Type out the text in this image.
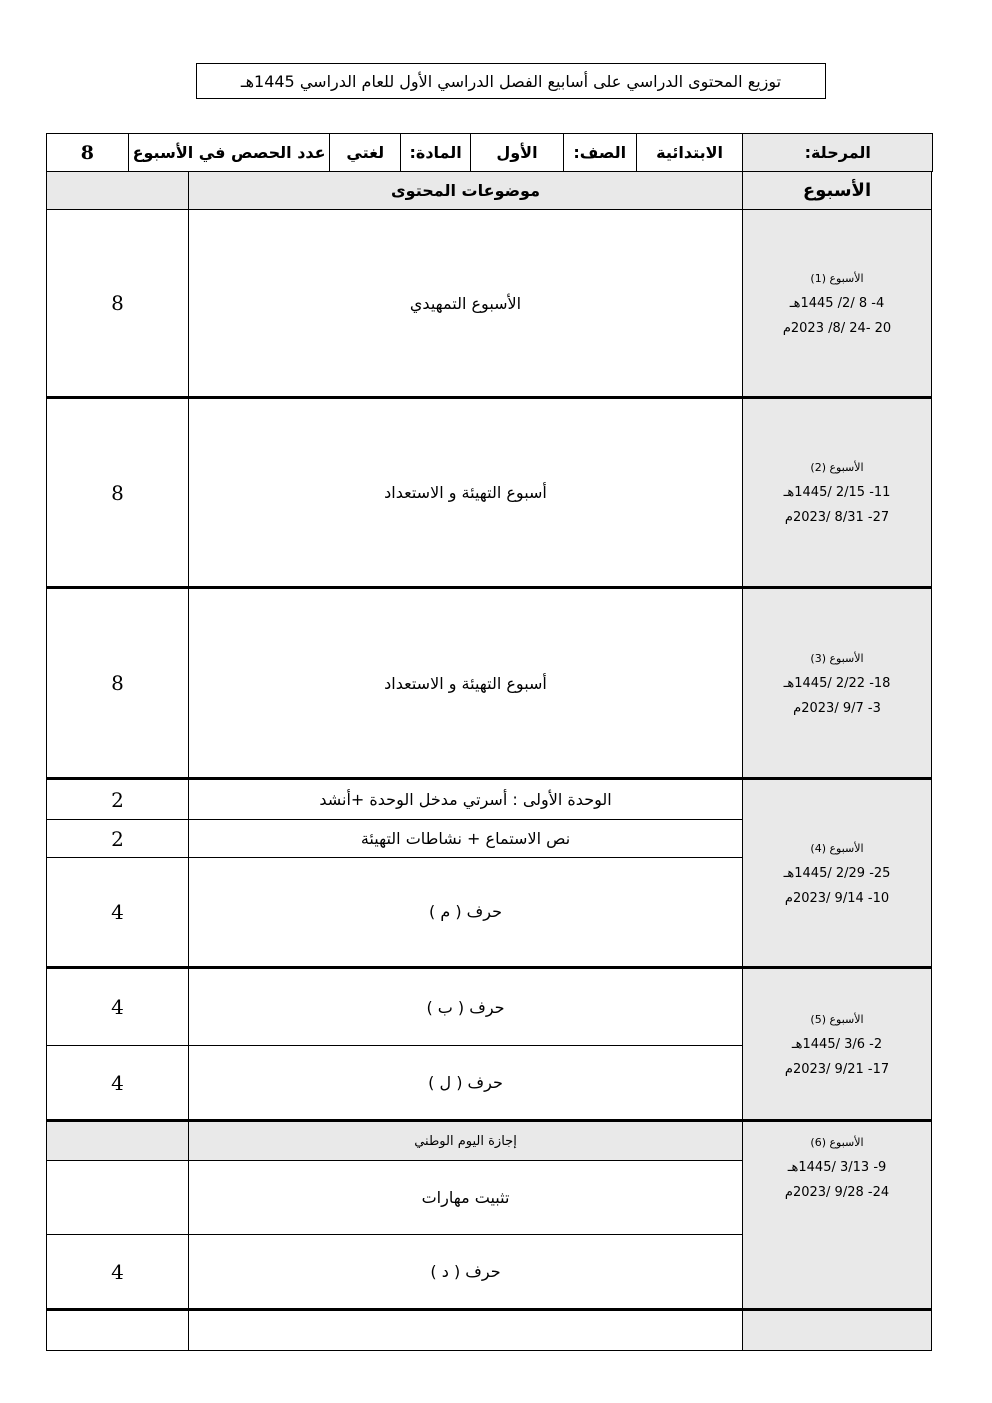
توزيع المحتوى الدراسي على أسابيع الفصل الدراسي الأول للعام الدراسي 1445هـ
8	عدد الحصص في الأسبوع	لغتي	المادة:	الأول	الصف:	الابتدائية	المرحلة:
موضوعات المحتوى	الأسبوع
8	الأسبوع التمهيدي
الأسبوع (1)
4- 8 /2/ 1445هـ
20 -24 /8/ 2023م
8	أسبوع التهيئة و الاستعداد
الأسبوع (2)
11- 2/15 /1445هـ
27- 8/31 /2023م
8	أسبوع التهيئة و الاستعداد
الأسبوع (3)
18- 2/22 /1445هـ
3- 9/7 /2023م
2	الوحدة الأولى : أسرتي مدخل الوحدة +أنشد
2	نص الاستماع + نشاطات التهيئة
4	حرف ( م )
الأسبوع (4)
25- 2/29 /1445هـ
10- 9/14 /2023م
4	حرف ( ب )
4	حرف ( ل )
الأسبوع (5)
2- 3/6 /1445هـ
17- 9/21 /2023م
إجازة اليوم الوطني
تثبيت مهارات
4	حرف ( د )
الأسبوع (6)
9- 3/13 /1445هـ
24- 9/28 /2023م
